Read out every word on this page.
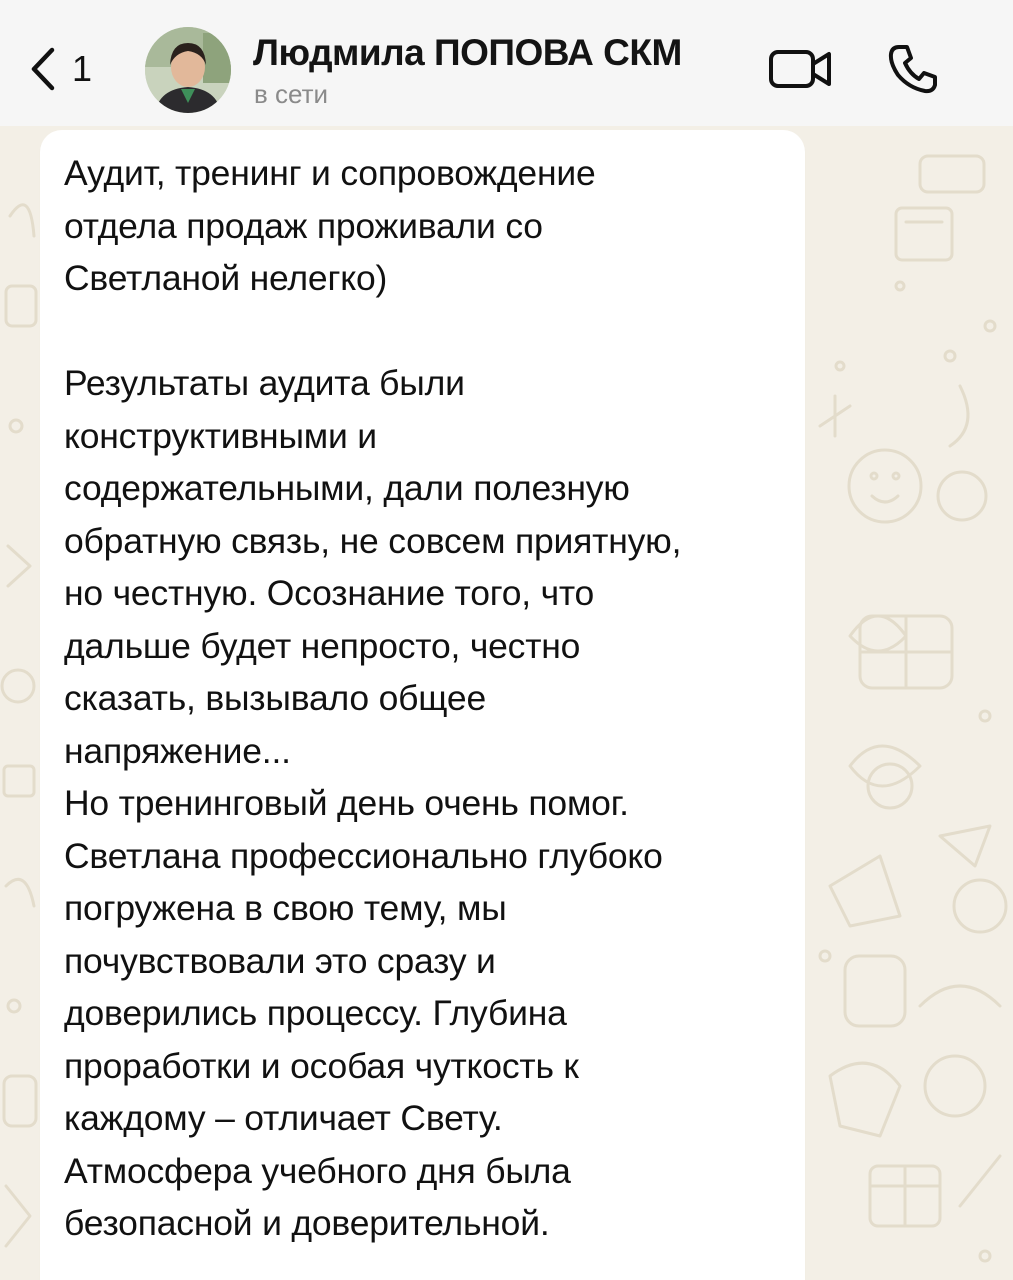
1	Людмила ПОПОВА СКМ
в сети
Аудит, тренинг и сопровождение
отдела продаж проживали со
Светланой нелегко)
Результаты аудита были
конструктивными и
содержательными, дали полезную
обратную связь, не совсем приятную,
но честную. Осознание того, что
дальше будет непросто, честно
сказать, вызывало общее
напряжение...
Но тренинговый день очень помог.
Светлана профессионально глубоко
погружена в свою тему, мы
почувствовали это сразу и
доверились процессу. Глубина
проработки и особая чуткость к
каждому – отличает Свету.
Атмосфера учебного дня была
безопасной и доверительной.
